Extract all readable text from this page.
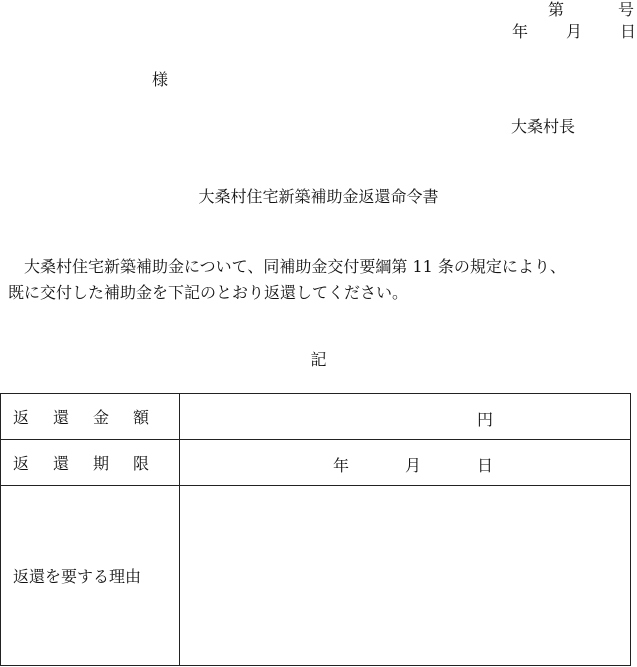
第	号
年 月 日
様
大桑村長
大桑村住宅新築補助金返還命令書
　大桑村住宅新築補助金について、同補助金交付要綱第 11 条の規定により、
既に交付した補助金を下記のとおり返還してください。
記
返 還 金 額	円

返 還 期 限	年 月 日

返還を要する理由	
